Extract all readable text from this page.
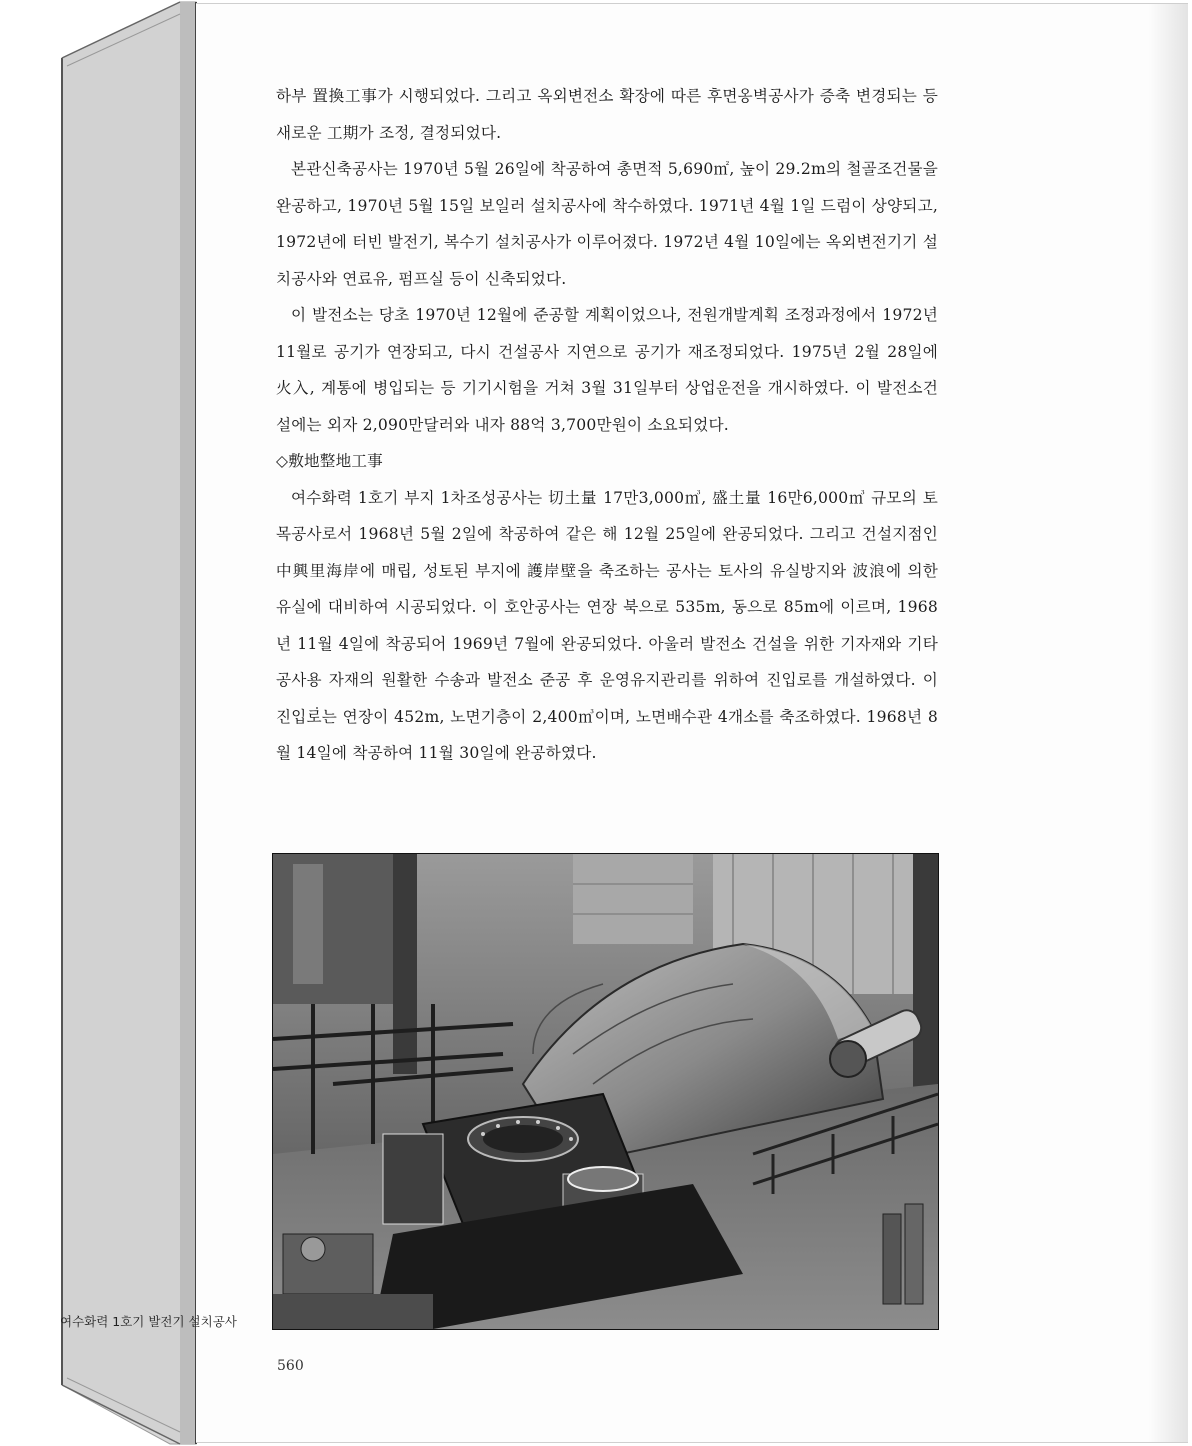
하부 置換工事가 시행되었다. 그리고 옥외변전소 확장에 따른 후면옹벽공사가 증축 변경되는 등 새로운 工期가 조정, 결정되었다.

본관신축공사는 1970년 5월 26일에 착공하여 총면적 5,690㎡, 높이 29.2m의 철골조건물을 완공하고, 1970년 5월 15일 보일러 설치공사에 착수하였다. 1971년 4월 1일 드럼이 상양되고, 1972년에 터빈 발전기, 복수기 설치공사가 이루어졌다. 1972년 4월 10일에는 옥외변전기기 설치공사와 연료유, 펌프실 등이 신축되었다.

이 발전소는 당초 1970년 12월에 준공할 계획이었으나, 전원개발계획 조정과정에서 1972년 11월로 공기가 연장되고, 다시 건설공사 지연으로 공기가 재조정되었다. 1975년 2월 28일에 火入, 계통에 병입되는 등 기기시험을 거쳐 3월 31일부터 상업운전을 개시하였다. 이 발전소건설에는 외자 2,090만달러와 내자 88억 3,700만원이 소요되었다.

◇敷地整地工事

여수화력 1호기 부지 1차조성공사는 切土量 17만3,000㎥, 盛土量 16만6,000㎥ 규모의 토목공사로서 1968년 5월 2일에 착공하여 같은 해 12월 25일에 완공되었다. 그리고 건설지점인 中興里海岸에 매립, 성토된 부지에 護岸壁을 축조하는 공사는 토사의 유실방지와 波浪에 의한 유실에 대비하여 시공되었다. 이 호안공사는 연장 북으로 535m, 동으로 85m에 이르며, 1968년 11월 4일에 착공되어 1969년 7월에 완공되었다. 아울러 발전소 건설을 위한 기자재와 기타 공사용 자재의 원활한 수송과 발전소 준공 후 운영유지관리를 위하여 진입로를 개설하였다. 이 진입로는 연장이 452m, 노면기층이 2,400㎥이며, 노면배수관 4개소를 축조하였다. 1968년 8월 14일에 착공하여 11월 30일에 완공하였다.

여수화력 1호기 발전기 설치공사
560
